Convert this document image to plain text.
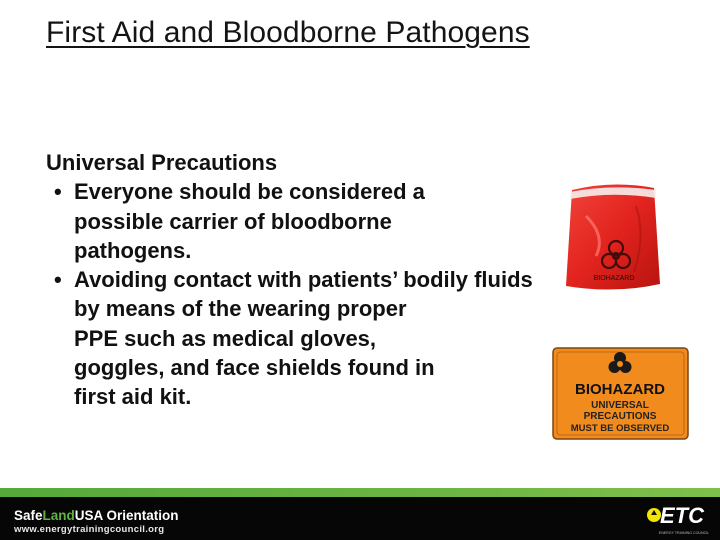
First Aid and Bloodborne Pathogens
Universal Precautions
• Everyone should be considered a possible carrier of bloodborne pathogens.
• Avoiding contact with patients’ bodily fluids
by means of the wearing proper
PPE such as medical gloves,
goggles, and face shields found in
first aid kit.
BIOHAZARD
BIOHAZARD
UNIVERSAL
PRECAUTIONS
MUST BE OBSERVED
SafeLandUSA Orientation
www.energytrainingcouncil.org
ETC
ENERGY TRAINING COUNCIL
